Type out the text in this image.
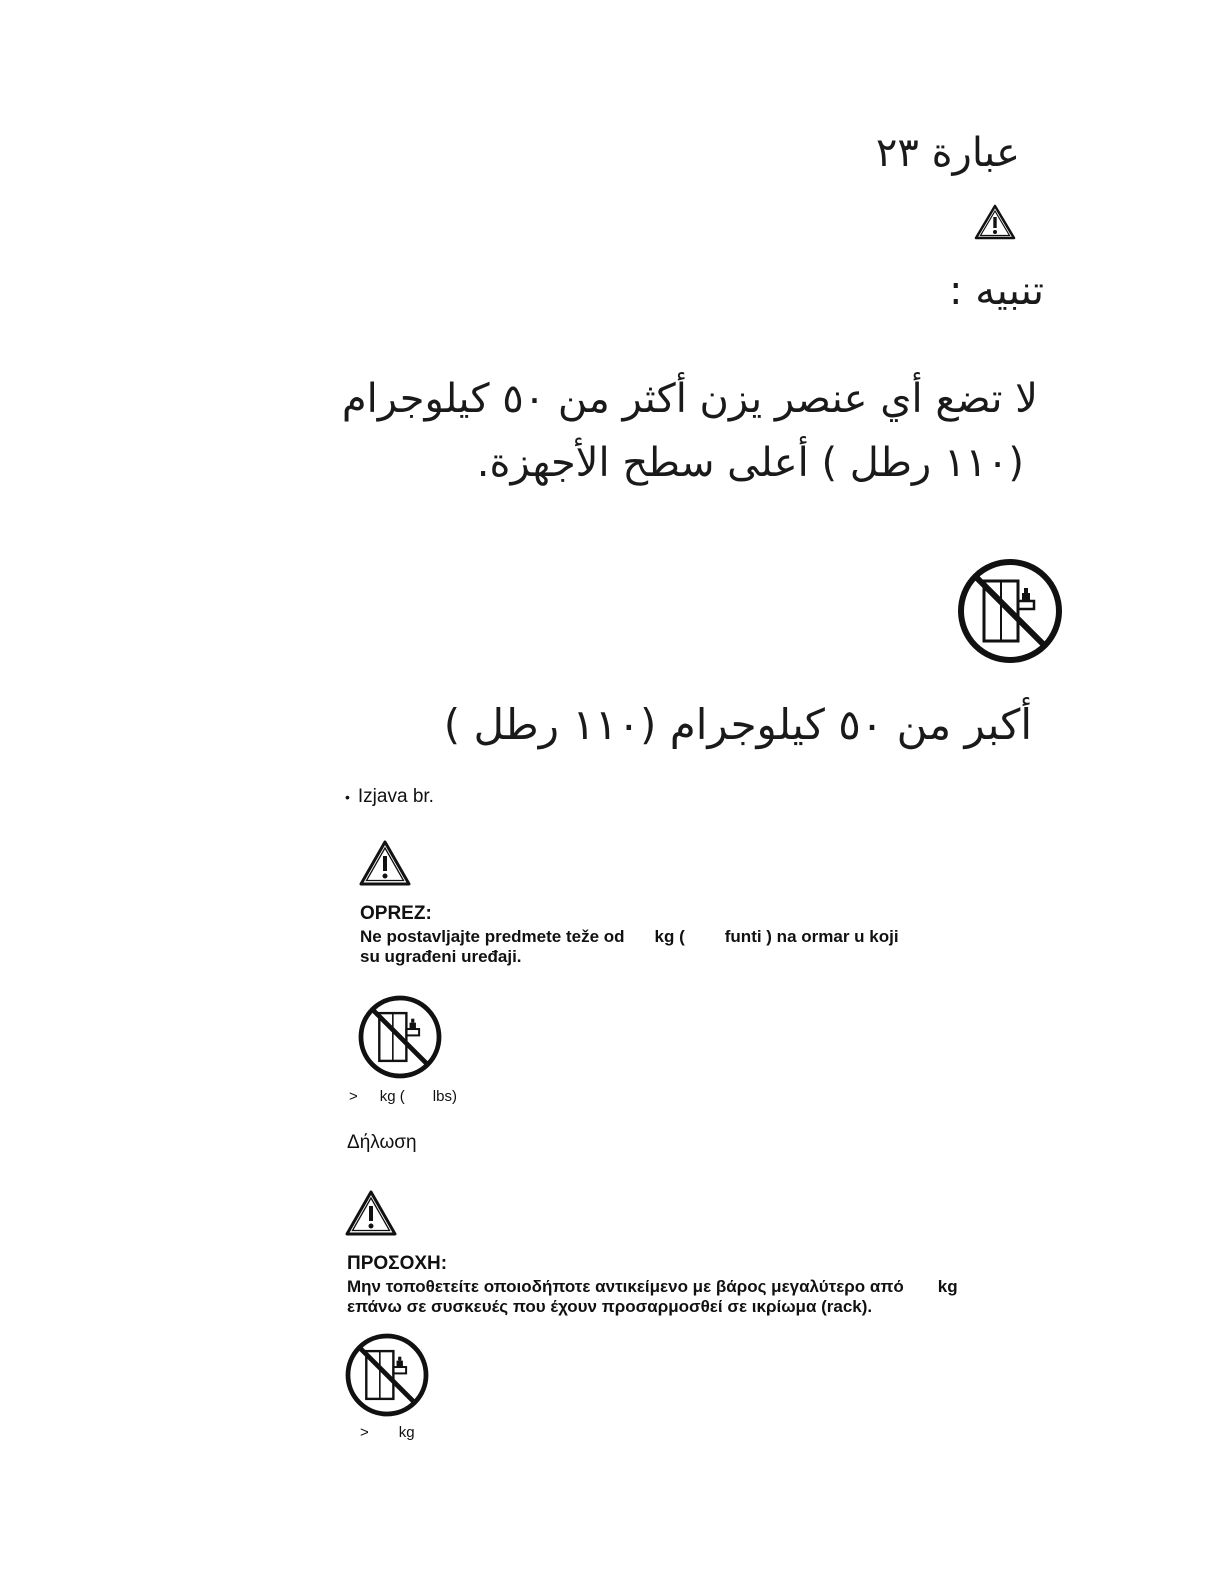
عبارة ٢٣
تنبيه :
لا تضع أي عنصر يزن أكثر من ٥٠ كيلوجرام
(١١٠ رطل ) أعلى سطح الأجهزة.
أكبر من ٥٠ كيلوجرام (١١٠ رطل )
• Izjava br.
OPREZ:
Ne postavljajte predmete teže od kg ( funti ) na ormar u koji
su ugrađeni uređaji.
> kg ( lbs)
Δήλωση
ΠΡΟΣΟΧΗ:
Μην τοποθετείτε οποιοδήποτε αντικείμενο με βάρος μεγαλύτερο από kg
επάνω σε συσκευές που έχουν προσαρμοσθεί σε ικρίωμα (rack).
> kg
